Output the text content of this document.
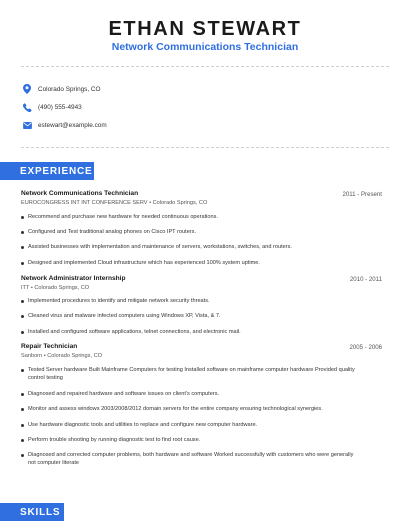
ETHAN STEWART
Network Communications Technician
Colorado Springs, CO
(490) 555-4943
estewart@example.com
EXPERIENCE
Network Communications Technician	2011 - Present
EUROCONGRESS INT INT CONFERENCE SERV • Colorado Springs, CO
Recommend and purchase new hardware for needed continuous operations.
Configured and Test traditional analog phones on Cisco IPT routers.
Assisted businesses with implementation and maintenance of servers, workstations, switches, and routers.
Designed and implemented Cloud infrastructure which has experienced 100% system uptime.
Network Administrator Internship	2010 - 2011
ITT • Colorado Springs, CO
Implemented procedures to identify and mitigate network security threats.
Cleaned virus and malware infected computers using Windows XP, Vista, & 7.
Installed and configured software applications, telnet connections, and electronic mail.
Repair Technician	2005 - 2006
Sanborn • Colorado Springs, CO
Tested Server hardware Built Mainframe Computers for testing Installed software on mainframe computer hardware Provided quality control testing
Diagnosed and repaired hardware and software issues on client's computers.
Monitor and assess windows 2003/2008/2012 domain servers for the entire company ensuring technological synergies.
Use hardware diagnostic tools and utilities to replace and configure new computer hardware.
Perform trouble shooting by running diagnostic test to find root cause.
Diagnosed and corrected computer problems, both hardware and software Worked successfully with customers who were generally not computer literate
SKILLS
